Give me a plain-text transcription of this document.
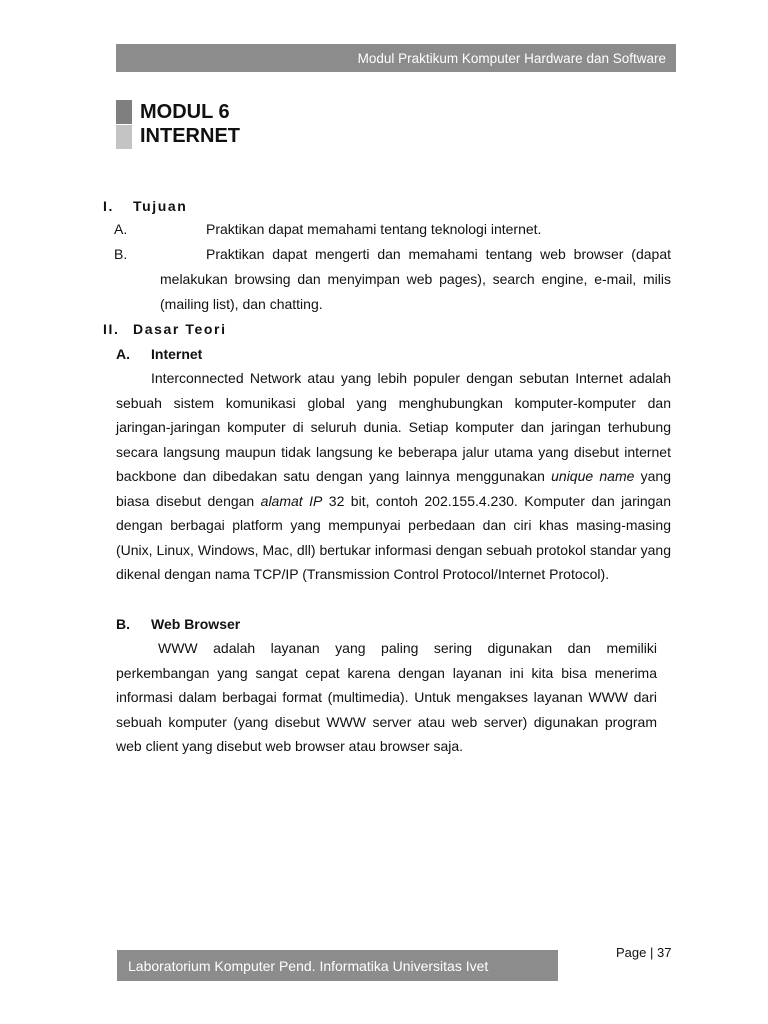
Modul Praktikum Komputer Hardware dan Software
MODUL 6
INTERNET
I. Tujuan

A.	Praktikan dapat memahami tentang teknologi internet.

B.	Praktikan dapat mengerti dan memahami tentang web browser (dapat melakukan browsing dan menyimpan web pages), search engine, e-mail, milis (mailing list), dan chatting.

II. Dasar Teori
A. Internet

Interconnected Network atau yang lebih populer dengan sebutan Internet adalah sebuah sistem komunikasi global yang menghubungkan komputer-komputer dan jaringan-jaringan komputer di seluruh dunia. Setiap komputer dan jaringan terhubung secara langsung maupun tidak langsung ke beberapa jalur utama yang disebut internet backbone dan dibedakan satu dengan yang lainnya menggunakan unique name yang biasa disebut dengan alamat IP 32 bit, contoh 202.155.4.230. Komputer dan jaringan dengan berbagai platform yang mempunyai perbedaan dan ciri khas masing-masing (Unix, Linux, Windows, Mac, dll) bertukar informasi dengan sebuah protokol standar yang dikenal dengan nama TCP/IP (Transmission Control Protocol/Internet Protocol).

B. Web Browser

WWW adalah layanan yang paling sering digunakan dan memiliki perkembangan yang sangat cepat karena dengan layanan ini kita bisa menerima informasi dalam berbagai format (multimedia). Untuk mengakses layanan WWW dari sebuah komputer (yang disebut WWW server atau web server) digunakan program web client yang disebut web browser atau browser saja.

Page | 37
Laboratorium Komputer Pend. Informatika Universitas Ivet
